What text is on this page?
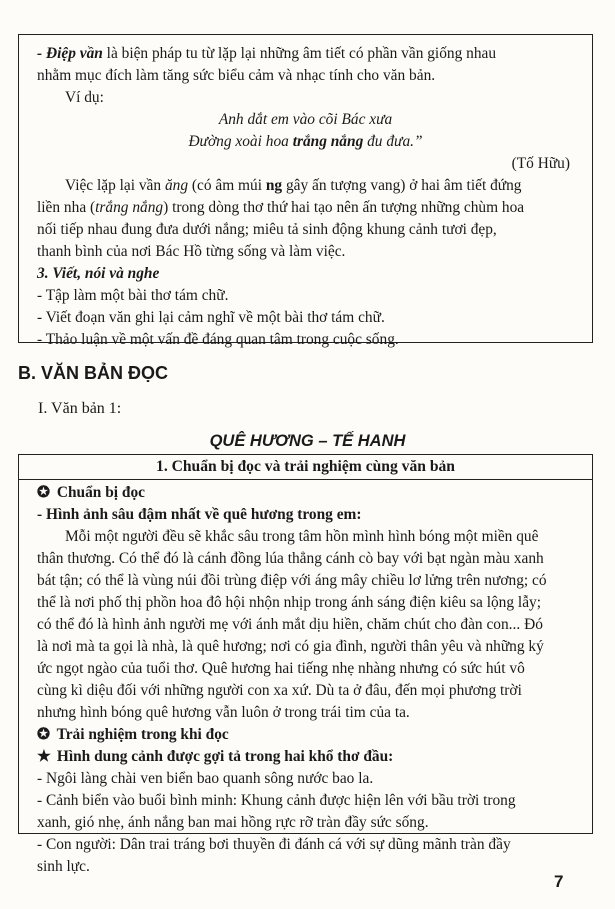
- Điệp vần là biện pháp tu từ lặp lại những âm tiết có phần vần giống nhau
nhằm mục đích làm tăng sức biểu cảm và nhạc tính cho văn bản.
Ví dụ:
Anh dắt em vào cõi Bác xưa
Đường xoài hoa trắng nắng đu đưa.”
(Tố Hữu)
Việc lặp lại vần ăng (có âm múi ng gây ấn tượng vang) ở hai âm tiết đứng
liền nha (trắng nắng) trong dòng thơ thứ hai tạo nên ấn tượng những chùm hoa
nối tiếp nhau đung đưa dưới nắng; miêu tả sinh động khung cảnh tươi đẹp,
thanh bình của nơi Bác Hồ từng sống và làm việc.
3. Viết, nói và nghe
- Tập làm một bài thơ tám chữ.
- Viết đoạn văn ghi lại cảm nghĩ về một bài thơ tám chữ.
- Thảo luận về một vấn đề đáng quan tâm trong cuộc sống.
B. VĂN BẢN ĐỌC
I. Văn bản 1:
QUÊ HƯƠNG – TẾ HANH
1. Chuẩn bị đọc và trải nghiệm cùng văn bản
✪ Chuẩn bị đọc
- Hình ảnh sâu đậm nhất về quê hương trong em:
Mỗi một người đều sẽ khắc sâu trong tâm hồn mình hình bóng một miền quê
thân thương. Có thể đó là cánh đồng lúa thẳng cánh cò bay với bạt ngàn màu xanh
bát tận; có thể là vùng núi đồi trùng điệp với áng mây chiều lơ lửng trên nương; có
thể là nơi phố thị phồn hoa đô hội nhộn nhịp trong ánh sáng điện kiêu sa lộng lẫy;
có thể đó là hình ảnh người mẹ với ánh mắt dịu hiền, chăm chút cho đàn con... Đó
là nơi mà ta gọi là nhà, là quê hương; nơi có gia đình, người thân yêu và những ký
ức ngọt ngào của tuổi thơ. Quê hương hai tiếng nhẹ nhàng nhưng có sức hút vô
cùng kì diệu đối với những người con xa xứ. Dù ta ở đâu, đến mọi phương trời
nhưng hình bóng quê hương vẫn luôn ở trong trái tim của ta.
✪ Trải nghiệm trong khi đọc
★ Hình dung cảnh được gợi tả trong hai khổ thơ đầu:
- Ngôi làng chài ven biển bao quanh sông nước bao la.
- Cảnh biển vào buổi bình minh: Khung cảnh được hiện lên với bầu trời trong
xanh, gió nhẹ, ánh nắng ban mai hồng rực rỡ tràn đầy sức sống.
- Con người: Dân trai tráng bơi thuyền đi đánh cá với sự dũng mãnh tràn đầy
sinh lực.
7
